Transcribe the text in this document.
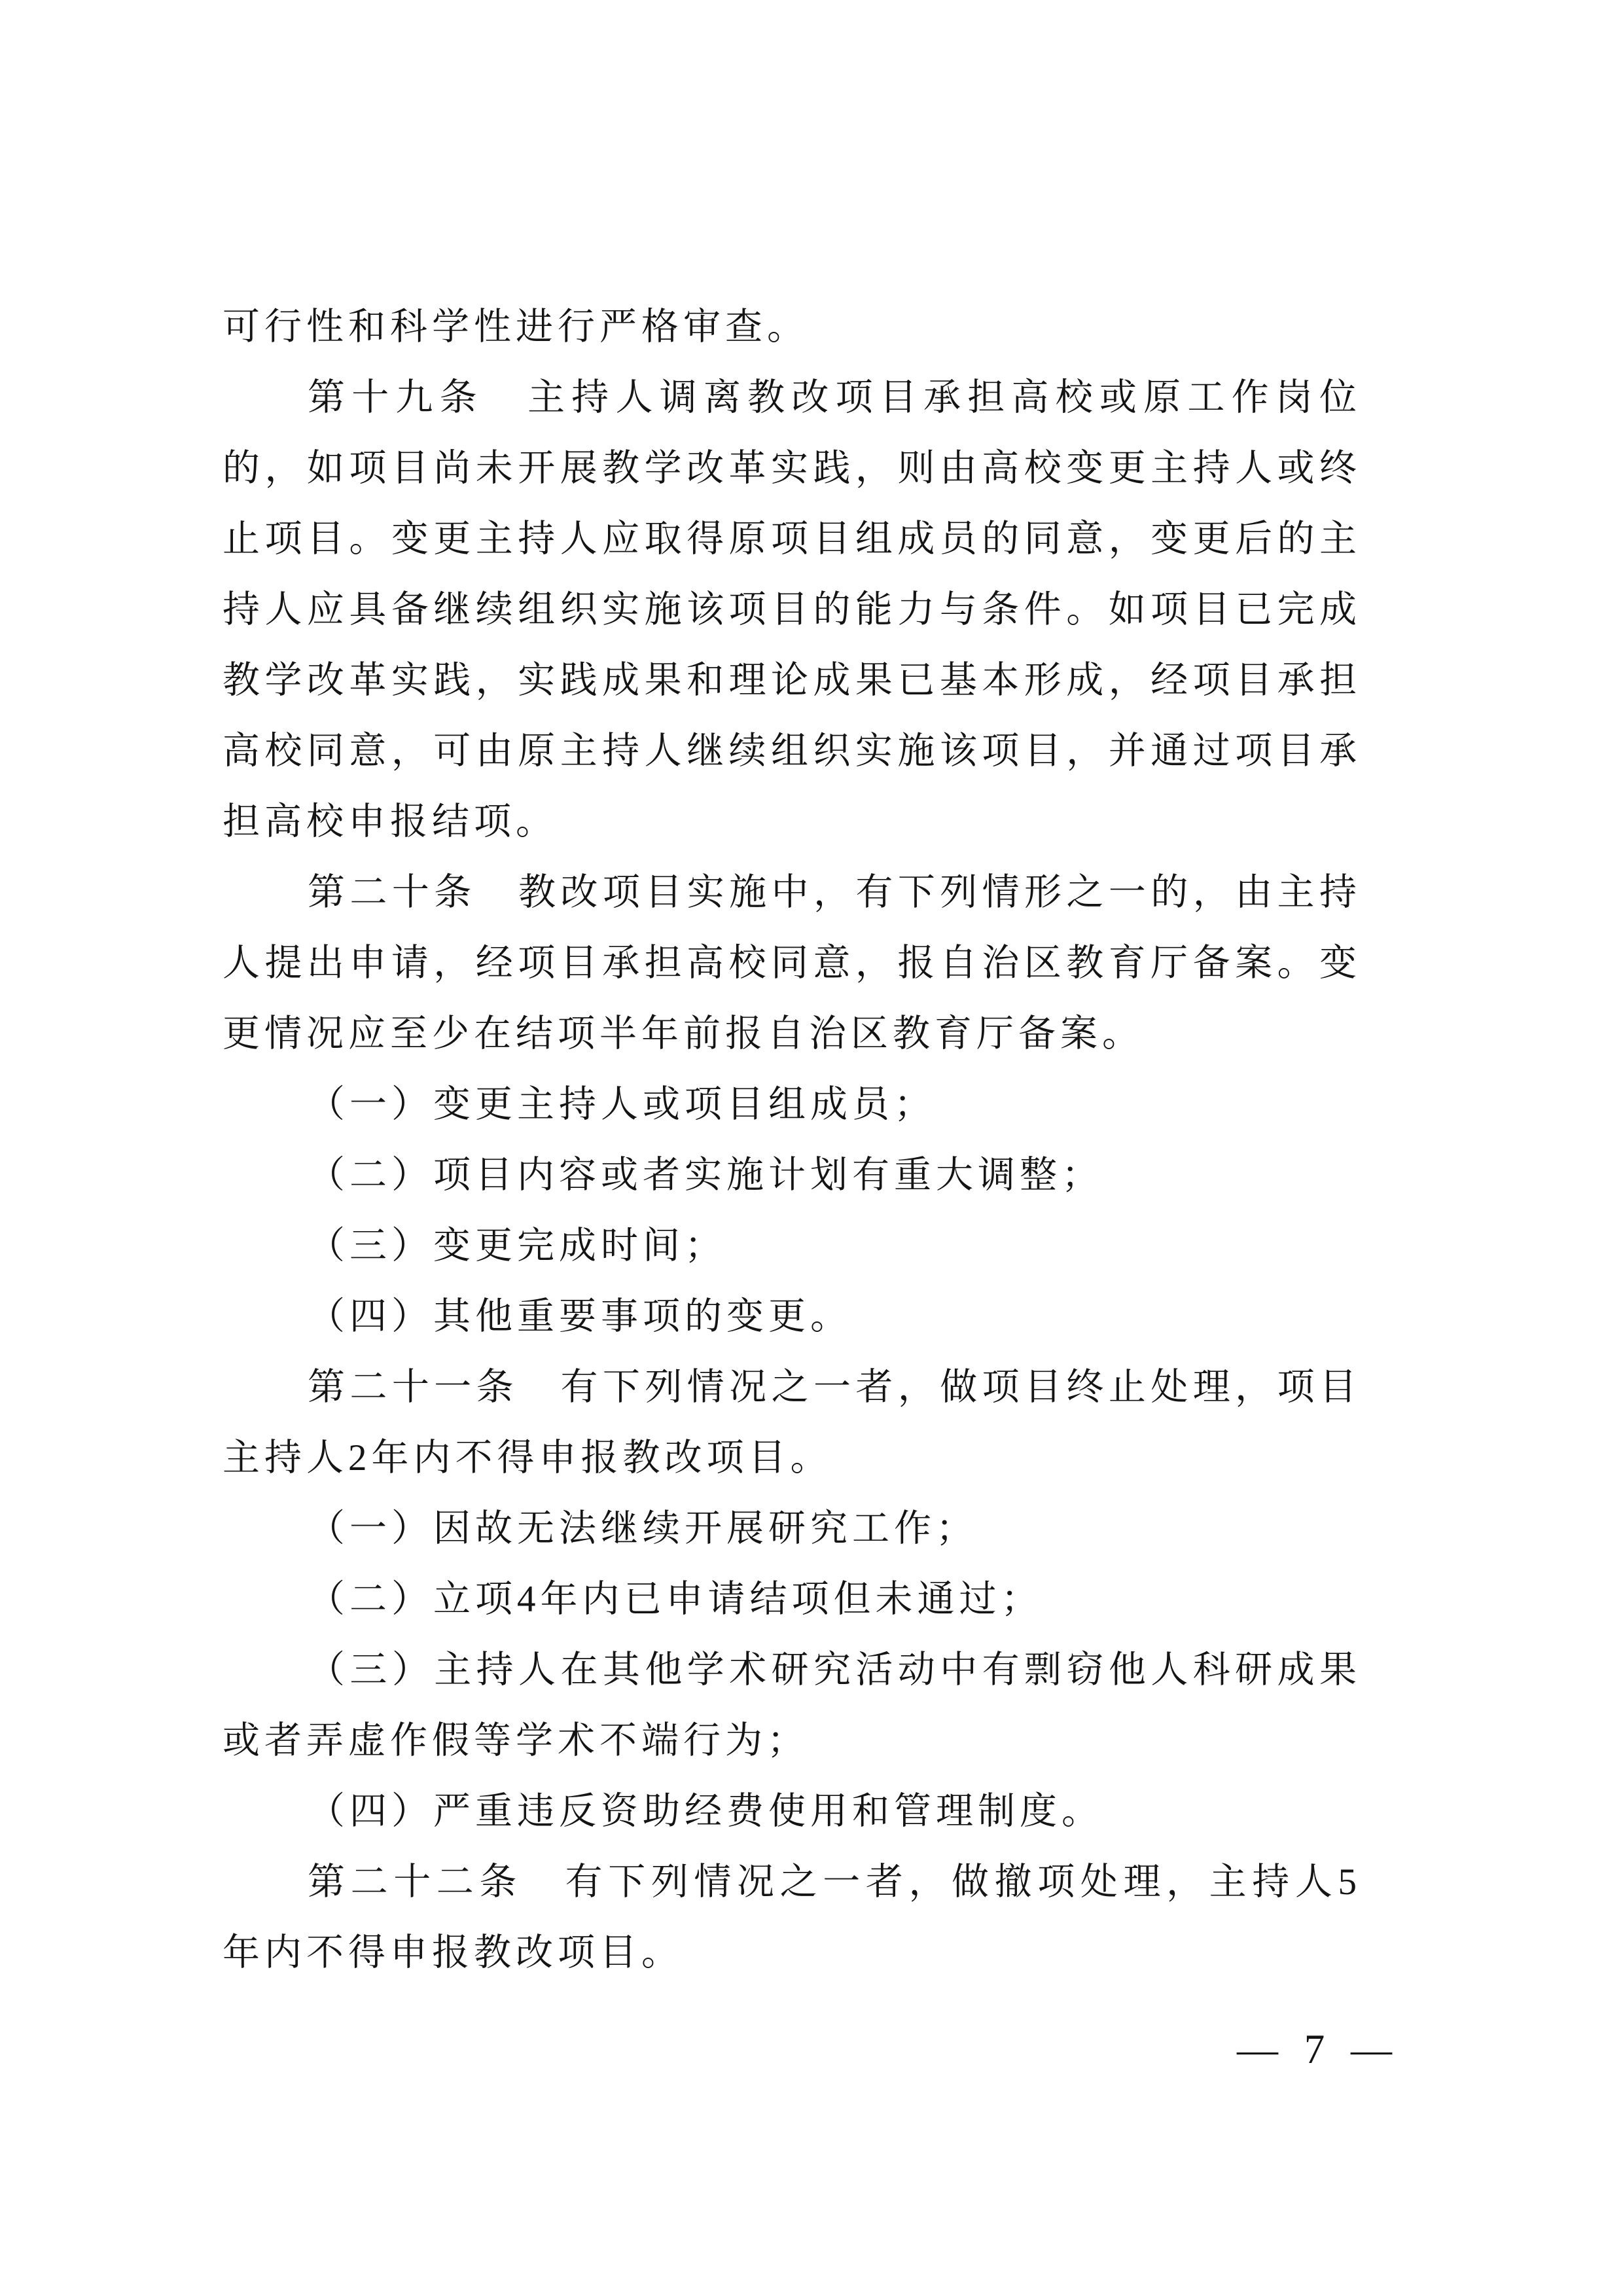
可行性和科学性进行严格审查。

第十九条　主持人调离教改项目承担高校或原工作岗位

的，如项目尚未开展教学改革实践，则由高校变更主持人或终

止项目。变更主持人应取得原项目组成员的同意，变更后的主

持人应具备继续组织实施该项目的能力与条件。如项目已完成

教学改革实践，实践成果和理论成果已基本形成，经项目承担

高校同意，可由原主持人继续组织实施该项目，并通过项目承

担高校申报结项。

第二十条　教改项目实施中，有下列情形之一的，由主持

人提出申请，经项目承担高校同意，报自治区教育厅备案。变

更情况应至少在结项半年前报自治区教育厅备案。

（一）变更主持人或项目组成员；

（二）项目内容或者实施计划有重大调整；

（三）变更完成时间；

（四）其他重要事项的变更。

第二十一条　有下列情况之一者，做项目终止处理，项目

主持人2年内不得申报教改项目。

（一）因故无法继续开展研究工作；

（二）立项4年内已申请结项但未通过；

（三）主持人在其他学术研究活动中有剽窃他人科研成果

或者弄虚作假等学术不端行为；

（四）严重违反资助经费使用和管理制度。

第二十二条　有下列情况之一者，做撤项处理，主持人5

年内不得申报教改项目。

— 7 —
